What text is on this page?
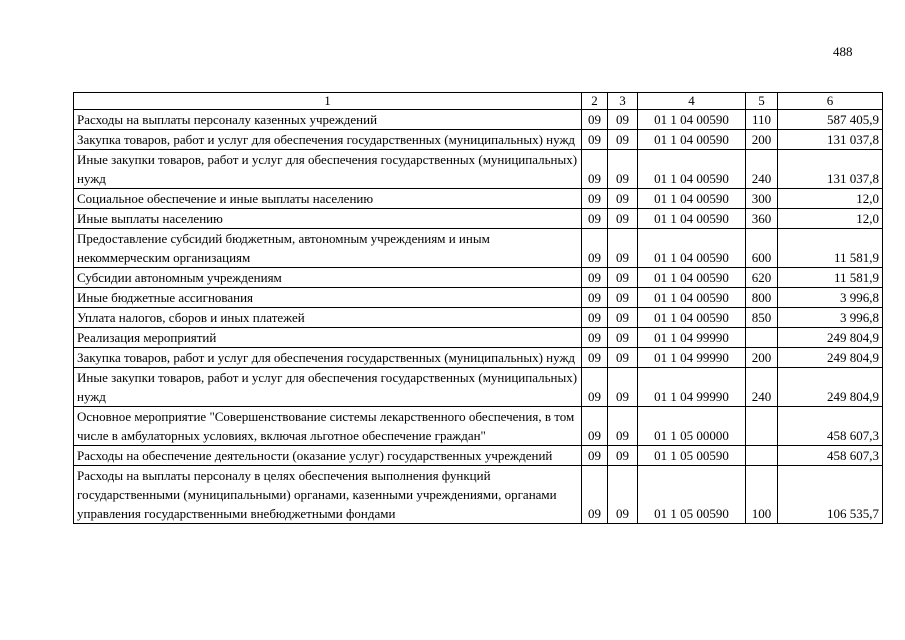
488
1	2	3	4	5	6
Расходы на выплаты персоналу казенных учреждений	09	09	01 1 04 00590	110	587 405,9
Закупка товаров, работ и услуг для обеспечения государственных (муниципальных) нужд	09	09	01 1 04 00590	200	131 037,8
Иные закупки товаров, работ и услуг для обеспечения государственных (муниципальных) нужд	09	09	01 1 04 00590	240	131 037,8
Социальное обеспечение и иные выплаты населению	09	09	01 1 04 00590	300	12,0
Иные выплаты населению	09	09	01 1 04 00590	360	12,0
Предоставление субсидий бюджетным, автономным учреждениям и иным некоммерческим организациям	09	09	01 1 04 00590	600	11 581,9
Субсидии автономным учреждениям	09	09	01 1 04 00590	620	11 581,9
Иные бюджетные ассигнования	09	09	01 1 04 00590	800	3 996,8
Уплата налогов, сборов и иных платежей	09	09	01 1 04 00590	850	3 996,8
Реализация мероприятий	09	09	01 1 04 99990		249 804,9
Закупка товаров, работ и услуг для обеспечения государственных (муниципальных) нужд	09	09	01 1 04 99990	200	249 804,9
Иные закупки товаров, работ и услуг для обеспечения государственных (муниципальных) нужд	09	09	01 1 04 99990	240	249 804,9
Основное мероприятие "Совершенствование системы лекарственного обеспечения, в том числе в амбулаторных условиях, включая льготное обеспечение граждан"	09	09	01 1 05 00000		458 607,3
Расходы на обеспечение деятельности (оказание услуг) государственных учреждений	09	09	01 1 05 00590		458 607,3
Расходы на выплаты персоналу в целях обеспечения выполнения функций государственными (муниципальными) органами, казенными учреждениями, органами управления государственными внебюджетными фондами	09	09	01 1 05 00590	100	106 535,7
